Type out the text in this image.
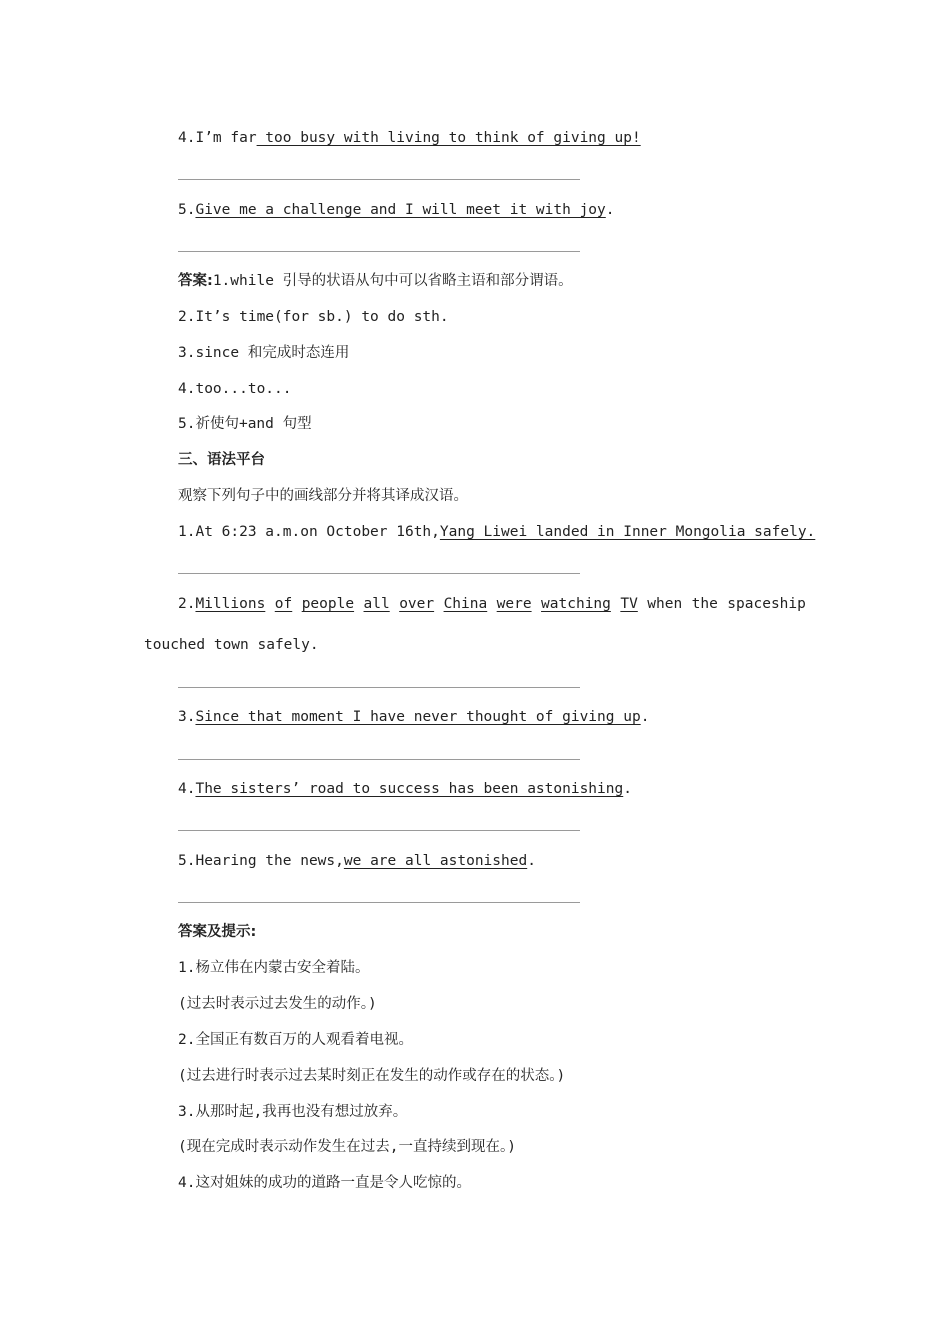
4.I’m far too busy with living to think of giving up!
5.Give me a challenge and I will meet it with joy.
答案:1.while 引导的状语从句中可以省略主语和部分谓语。
2.It’s time(for sb.) to do sth.
3.since 和完成时态连用
4.too...to...
5.祈使句+and 句型
三、语法平台
观察下列句子中的画线部分并将其译成汉语。
1.At 6:23 a.m.on October 16th,Yang Liwei landed in Inner Mongolia safely.
2.Millions of people all over China were watching TV when the spaceship
touched town safely.
3.Since that moment I have never thought of giving up.
4.The sisters’ road to success has been astonishing.
5.Hearing the news,we are all astonished.
答案及提示:
1.杨立伟在内蒙古安全着陆。
(过去时表示过去发生的动作。)
2.全国正有数百万的人观看着电视。
(过去进行时表示过去某时刻正在发生的动作或存在的状态。)
3.从那时起,我再也没有想过放弃。
(现在完成时表示动作发生在过去,一直持续到现在。)
4.这对姐妹的成功的道路一直是令人吃惊的。
